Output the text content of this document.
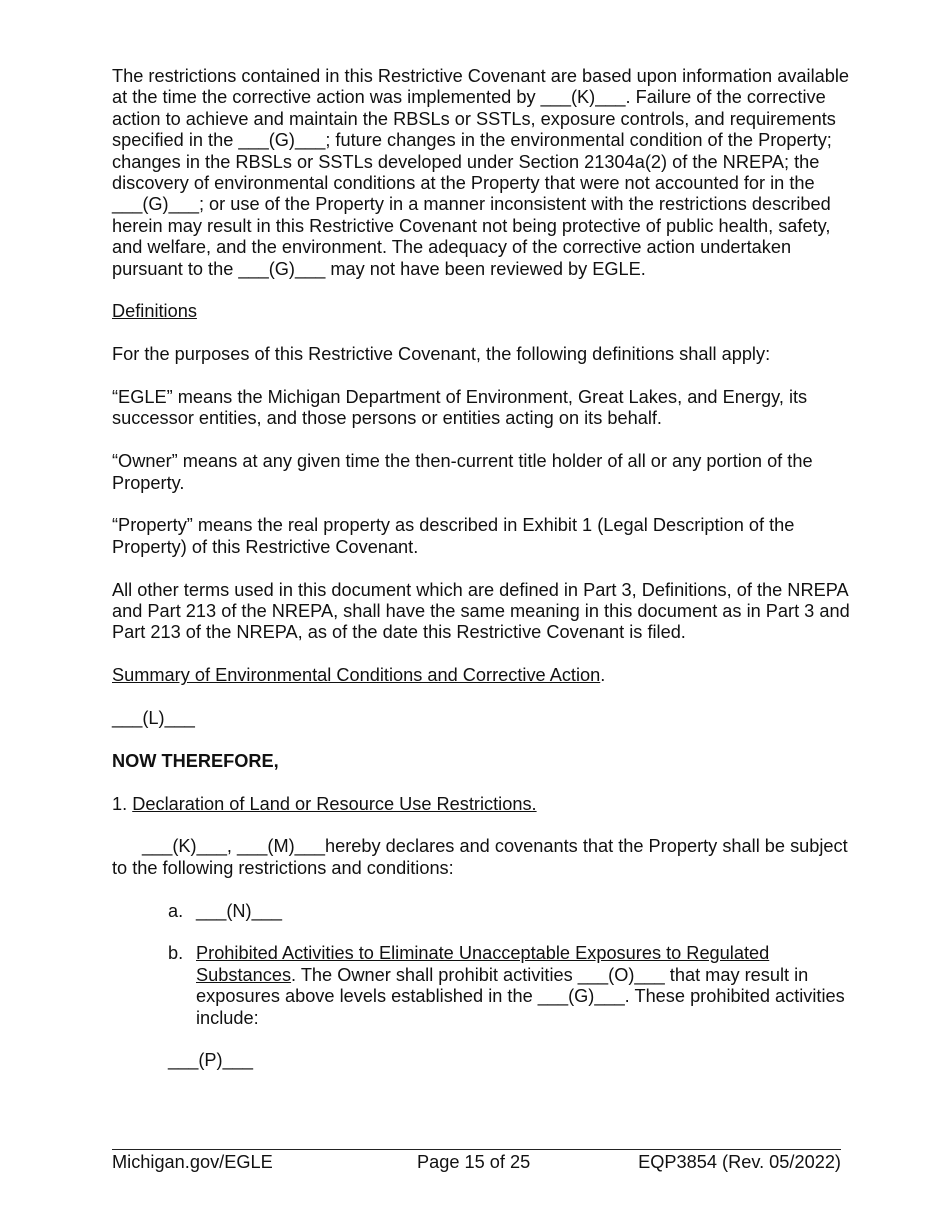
The restrictions contained in this Restrictive Covenant are based upon information available at the time the corrective action was implemented by ___(K)___. Failure of the corrective action to achieve and maintain the RBSLs or SSTLs, exposure controls, and requirements specified in the ___(G)___; future changes in the environmental condition of the Property; changes in the RBSLs or SSTLs developed under Section 21304a(2) of the NREPA; the discovery of environmental conditions at the Property that were not accounted for in the ___(G)___; or use of the Property in a manner inconsistent with the restrictions described herein may result in this Restrictive Covenant not being protective of public health, safety, and welfare, and the environment. The adequacy of the corrective action undertaken pursuant to the ___(G)___ may not have been reviewed by EGLE.

Definitions

For the purposes of this Restrictive Covenant, the following definitions shall apply:

“EGLE” means the Michigan Department of Environment, Great Lakes, and Energy, its successor entities, and those persons or entities acting on its behalf.

“Owner” means at any given time the then-current title holder of all or any portion of the Property.

“Property” means the real property as described in Exhibit 1 (Legal Description of the Property) of this Restrictive Covenant.

All other terms used in this document which are defined in Part 3, Definitions, of the NREPA and Part 213 of the NREPA, shall have the same meaning in this document as in Part 3 and Part 213 of the NREPA, as of the date this Restrictive Covenant is filed.

Summary of Environmental Conditions and Corrective Action.

___(L)___

NOW THEREFORE,

1. Declaration of Land or Resource Use Restrictions.

___(K)___, ___(M)___hereby declares and covenants that the Property shall be subject to the following restrictions and conditions:

a. ___(N)___
b. Prohibited Activities to Eliminate Unacceptable Exposures to Regulated Substances. The Owner shall prohibit activities ___(O)___ that may result in exposures above levels established in the ___(G)___. These prohibited activities include:

___(P)___

Michigan.gov/EGLE	Page 15 of 25	EQP3854 (Rev. 05/2022)
